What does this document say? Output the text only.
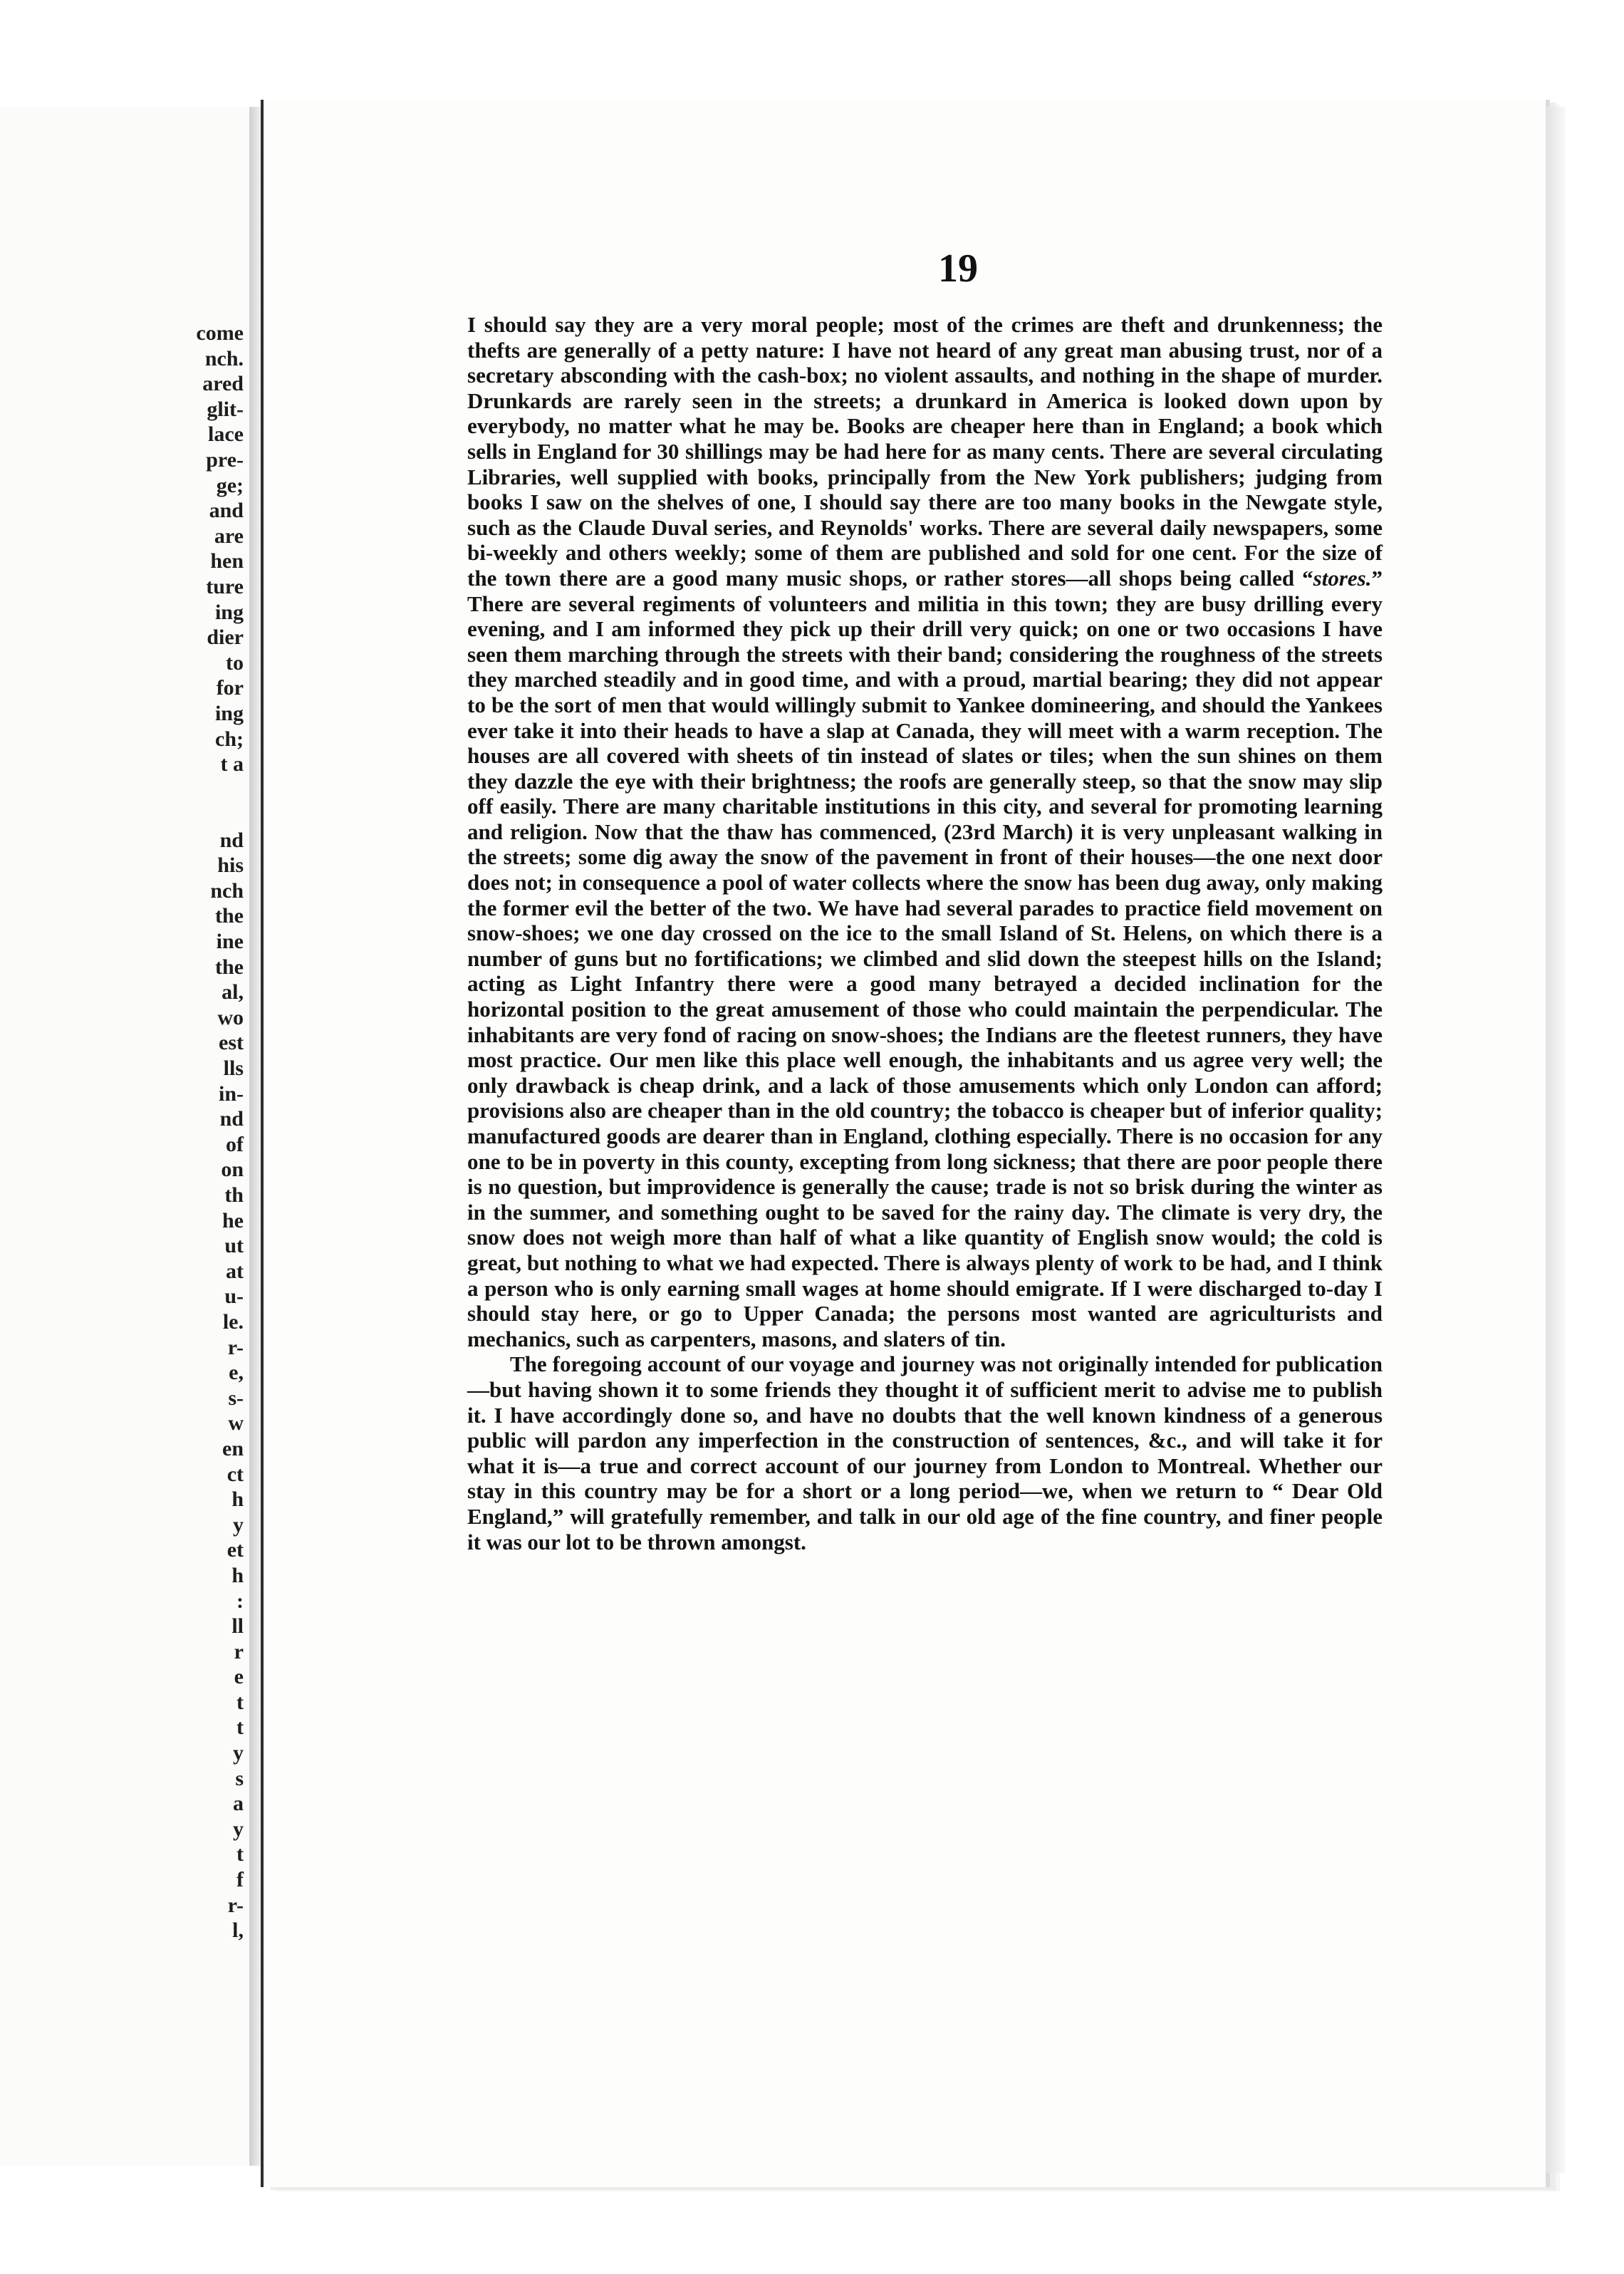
come
nch.
ared
glit-
lace
pre-
ge;
and
are
hen
ture
ing
dier
to
for
ing
ch;
t a
nd
his
nch
the
ine
the
al,
wo
est
lls
in-
nd
of
on
th
he
ut
at
u-
le.
r-
e,
s-
w
en
ct
h
y
et
h
:
ll
r
e
t
t
y
s
a
y
t
f
r-
l,
19

I should say they are a very moral people; most of the crimes are theft and drunkenness; the thefts are generally of a petty nature: I have not heard of any great man abusing trust, nor of a secretary absconding with the cash-box; no violent assaults, and nothing in the shape of murder. Drunkards are rarely seen in the streets; a drunkard in America is looked down upon by everybody, no matter what he may be. Books are cheaper here than in England; a book which sells in England for 30 shillings may be had here for as many cents. There are several circulating Libraries, well supplied with books, principally from the New York publishers; judging from books I saw on the shelves of one, I should say there are too many books in the Newgate style, such as the Claude Duval series, and Reynolds' works. There are several daily newspapers, some bi-weekly and others weekly; some of them are published and sold for one cent. For the size of the town there are a good many music shops, or rather stores—all shops being called “stores.” There are several regiments of volunteers and militia in this town; they are busy drilling every evening, and I am informed they pick up their drill very quick; on one or two occasions I have seen them marching through the streets with their band; considering the roughness of the streets they marched steadily and in good time, and with a proud, martial bearing; they did not appear to be the sort of men that would willingly submit to Yankee domineering, and should the Yankees ever take it into their heads to have a slap at Canada, they will meet with a warm reception. The houses are all covered with sheets of tin instead of slates or tiles; when the sun shines on them they dazzle the eye with their brightness; the roofs are generally steep, so that the snow may slip off easily. There are many charitable institutions in this city, and several for promoting learning and religion. Now that the thaw has commenced, (23rd March) it is very unpleasant walking in the streets; some dig away the snow of the pavement in front of their houses—the one next door does not; in consequence a pool of water collects where the snow has been dug away, only making the former evil the better of the two. We have had several parades to practice field movement on snow-shoes; we one day crossed on the ice to the small Island of St. Helens, on which there is a number of guns but no fortifications; we climbed and slid down the steepest hills on the Island; acting as Light Infantry there were a good many betrayed a decided inclination for the horizontal position to the great amusement of those who could maintain the perpendicular. The inhabitants are very fond of racing on snow-shoes; the Indians are the fleetest runners, they have most practice. Our men like this place well enough, the inhabitants and us agree very well; the only drawback is cheap drink, and a lack of those amusements which only London can afford; provisions also are cheaper than in the old country; the tobacco is cheaper but of inferior quality; manufactured goods are dearer than in England, clothing especially. There is no occasion for any one to be in poverty in this county, excepting from long sickness; that there are poor people there is no question, but improvidence is generally the cause; trade is not so brisk during the winter as in the summer, and something ought to be saved for the rainy day. The climate is very dry, the snow does not weigh more than half of what a like quantity of English snow would; the cold is great, but nothing to what we had expected. There is always plenty of work to be had, and I think a person who is only earning small wages at home should emigrate. If I were discharged to-day I should stay here, or go to Upper Canada; the persons most wanted are agriculturists and mechanics, such as carpenters, masons, and slaters of tin.

The foregoing account of our voyage and journey was not originally intended for publication—but having shown it to some friends they thought it of sufficient merit to advise me to publish it. I have accordingly done so, and have no doubts that the well known kindness of a generous public will pardon any imperfection in the construction of sentences, &c., and will take it for what it is—a true and correct account of our journey from London to Montreal. Whether our stay in this country may be for a short or a long period—we, when we return to “ Dear Old England,” will gratefully remember, and talk in our old age of the fine country, and finer people it was our lot to be thrown amongst.
